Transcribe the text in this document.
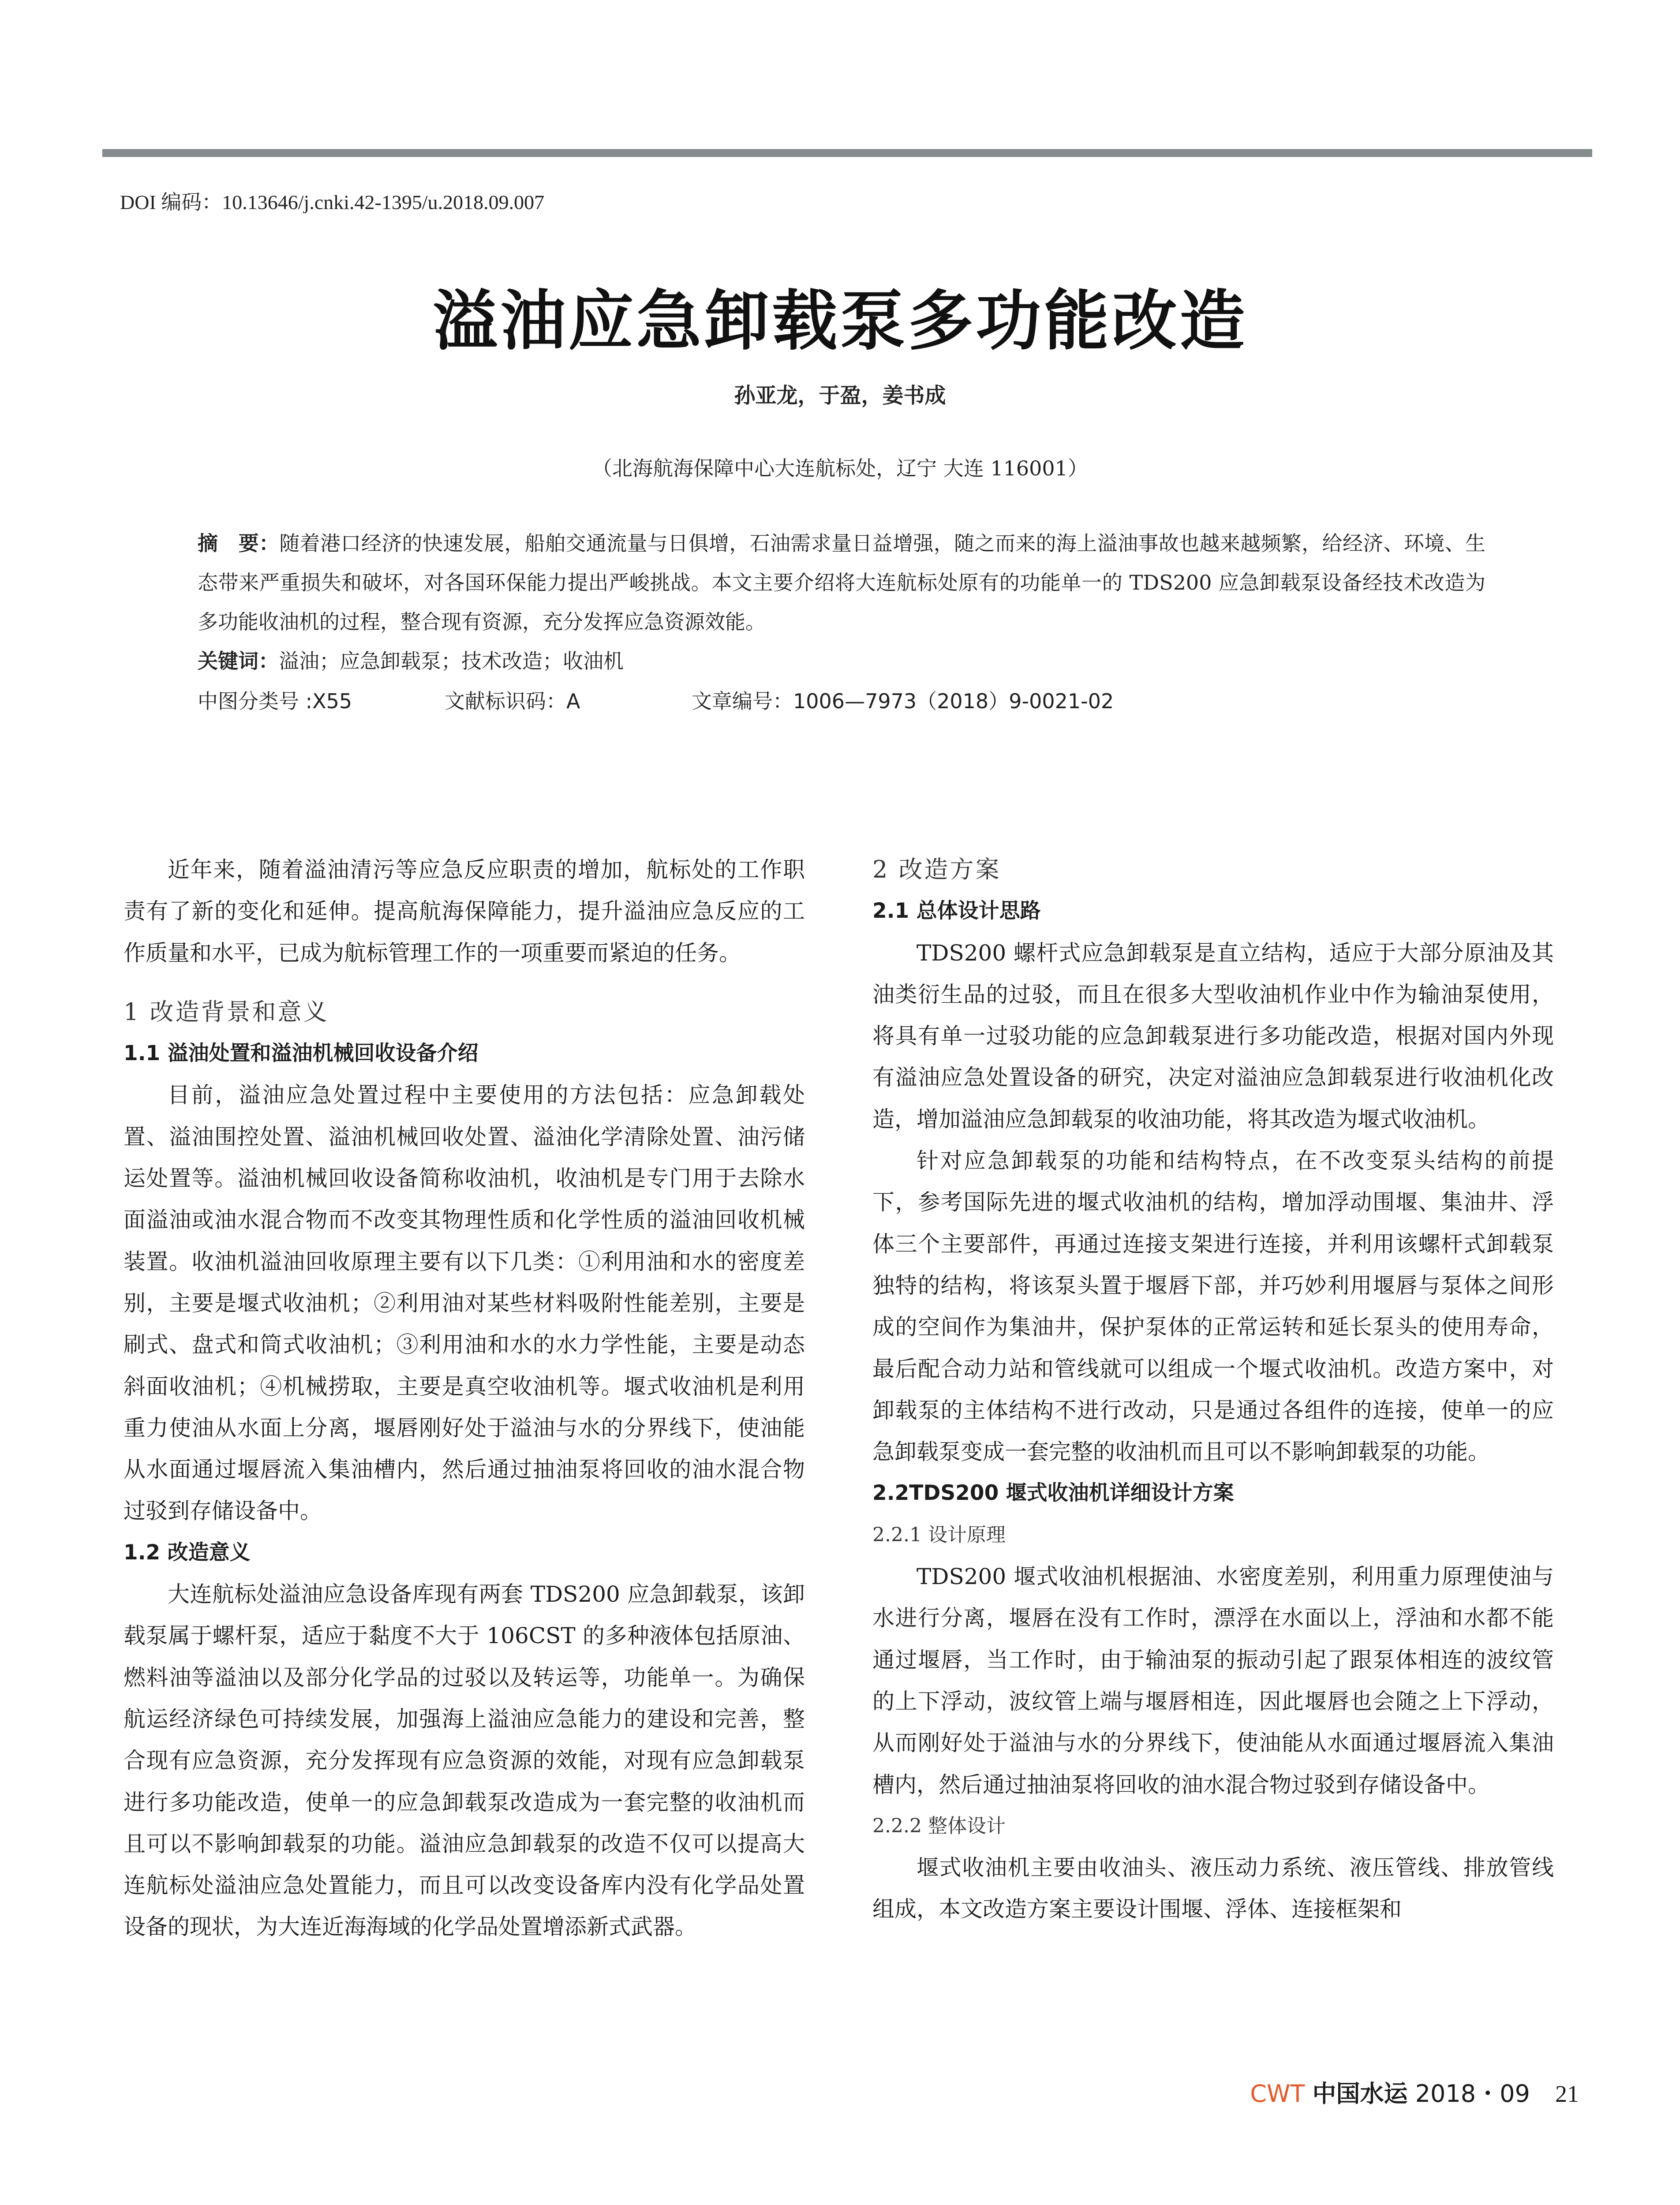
DOI 编码：10.13646/j.cnki.42-1395/u.2018.09.007
溢油应急卸载泵多功能改造
孙亚龙，于盈，姜书成
（北海航海保障中心大连航标处，辽宁 大连 116001）

摘　要：随着港口经济的快速发展，船舶交通流量与日俱增，石油需求量日益增强，随之而来的海上溢油事故也越来越频繁，给经济、环境、生态带来严重损失和破坏，对各国环保能力提出严峻挑战。本文主要介绍将大连航标处原有的功能单一的 TDS200 应急卸载泵设备经技术改造为多功能收油机的过程，整合现有资源，充分发挥应急资源效能。

关键词：溢油；应急卸载泵；技术改造；收油机

中图分类号 :X55	文献标识码：A	文章编号：1006—7973（2018）9-0021-02

近年来，随着溢油清污等应急反应职责的增加，航标处的工作职责有了新的变化和延伸。提高航海保障能力，提升溢油应急反应的工作质量和水平，已成为航标管理工作的一项重要而紧迫的任务。

1 改造背景和意义
1.1 溢油处置和溢油机械回收设备介绍

目前，溢油应急处置过程中主要使用的方法包括：应急卸载处置、溢油围控处置、溢油机械回收处置、溢油化学清除处置、油污储运处置等。溢油机械回收设备简称收油机，收油机是专门用于去除水面溢油或油水混合物而不改变其物理性质和化学性质的溢油回收机械装置。收油机溢油回收原理主要有以下几类：①利用油和水的密度差别，主要是堰式收油机；②利用油对某些材料吸附性能差别，主要是刷式、盘式和筒式收油机；③利用油和水的水力学性能，主要是动态斜面收油机；④机械捞取，主要是真空收油机等。堰式收油机是利用重力使油从水面上分离，堰唇刚好处于溢油与水的分界线下，使油能从水面通过堰唇流入集油槽内，然后通过抽油泵将回收的油水混合物过驳到存储设备中。

1.2 改造意义

大连航标处溢油应急设备库现有两套 TDS200 应急卸载泵，该卸载泵属于螺杆泵，适应于黏度不大于 106CST 的多种液体包括原油、燃料油等溢油以及部分化学品的过驳以及转运等，功能单一。为确保航运经济绿色可持续发展，加强海上溢油应急能力的建设和完善，整合现有应急资源，充分发挥现有应急资源的效能，对现有应急卸载泵进行多功能改造，使单一的应急卸载泵改造成为一套完整的收油机而且可以不影响卸载泵的功能。溢油应急卸载泵的改造不仅可以提高大连航标处溢油应急处置能力，而且可以改变设备库内没有化学品处置设备的现状，为大连近海海域的化学品处置增添新式武器。

2 改造方案
2.1 总体设计思路

TDS200 螺杆式应急卸载泵是直立结构，适应于大部分原油及其油类衍生品的过驳，而且在很多大型收油机作业中作为输油泵使用，将具有单一过驳功能的应急卸载泵进行多功能改造，根据对国内外现有溢油应急处置设备的研究，决定对溢油应急卸载泵进行收油机化改造，增加溢油应急卸载泵的收油功能，将其改造为堰式收油机。

针对应急卸载泵的功能和结构特点，在不改变泵头结构的前提下，参考国际先进的堰式收油机的结构，增加浮动围堰、集油井、浮体三个主要部件，再通过连接支架进行连接，并利用该螺杆式卸载泵独特的结构，将该泵头置于堰唇下部，并巧妙利用堰唇与泵体之间形成的空间作为集油井，保护泵体的正常运转和延长泵头的使用寿命，最后配合动力站和管线就可以组成一个堰式收油机。改造方案中，对卸载泵的主体结构不进行改动，只是通过各组件的连接，使单一的应急卸载泵变成一套完整的收油机而且可以不影响卸载泵的功能。

2.2TDS200 堰式收油机详细设计方案
2.2.1 设计原理

TDS200 堰式收油机根据油、水密度差别，利用重力原理使油与水进行分离，堰唇在没有工作时，漂浮在水面以上，浮油和水都不能通过堰唇，当工作时，由于输油泵的振动引起了跟泵体相连的波纹管的上下浮动，波纹管上端与堰唇相连，因此堰唇也会随之上下浮动，从而刚好处于溢油与水的分界线下，使油能从水面通过堰唇流入集油槽内，然后通过抽油泵将回收的油水混合物过驳到存储设备中。

2.2.2 整体设计

堰式收油机主要由收油头、液压动力系统、液压管线、排放管线组成，本文改造方案主要设计围堰、浮体、连接框架和

CWT 中国水运 2018・09 21
